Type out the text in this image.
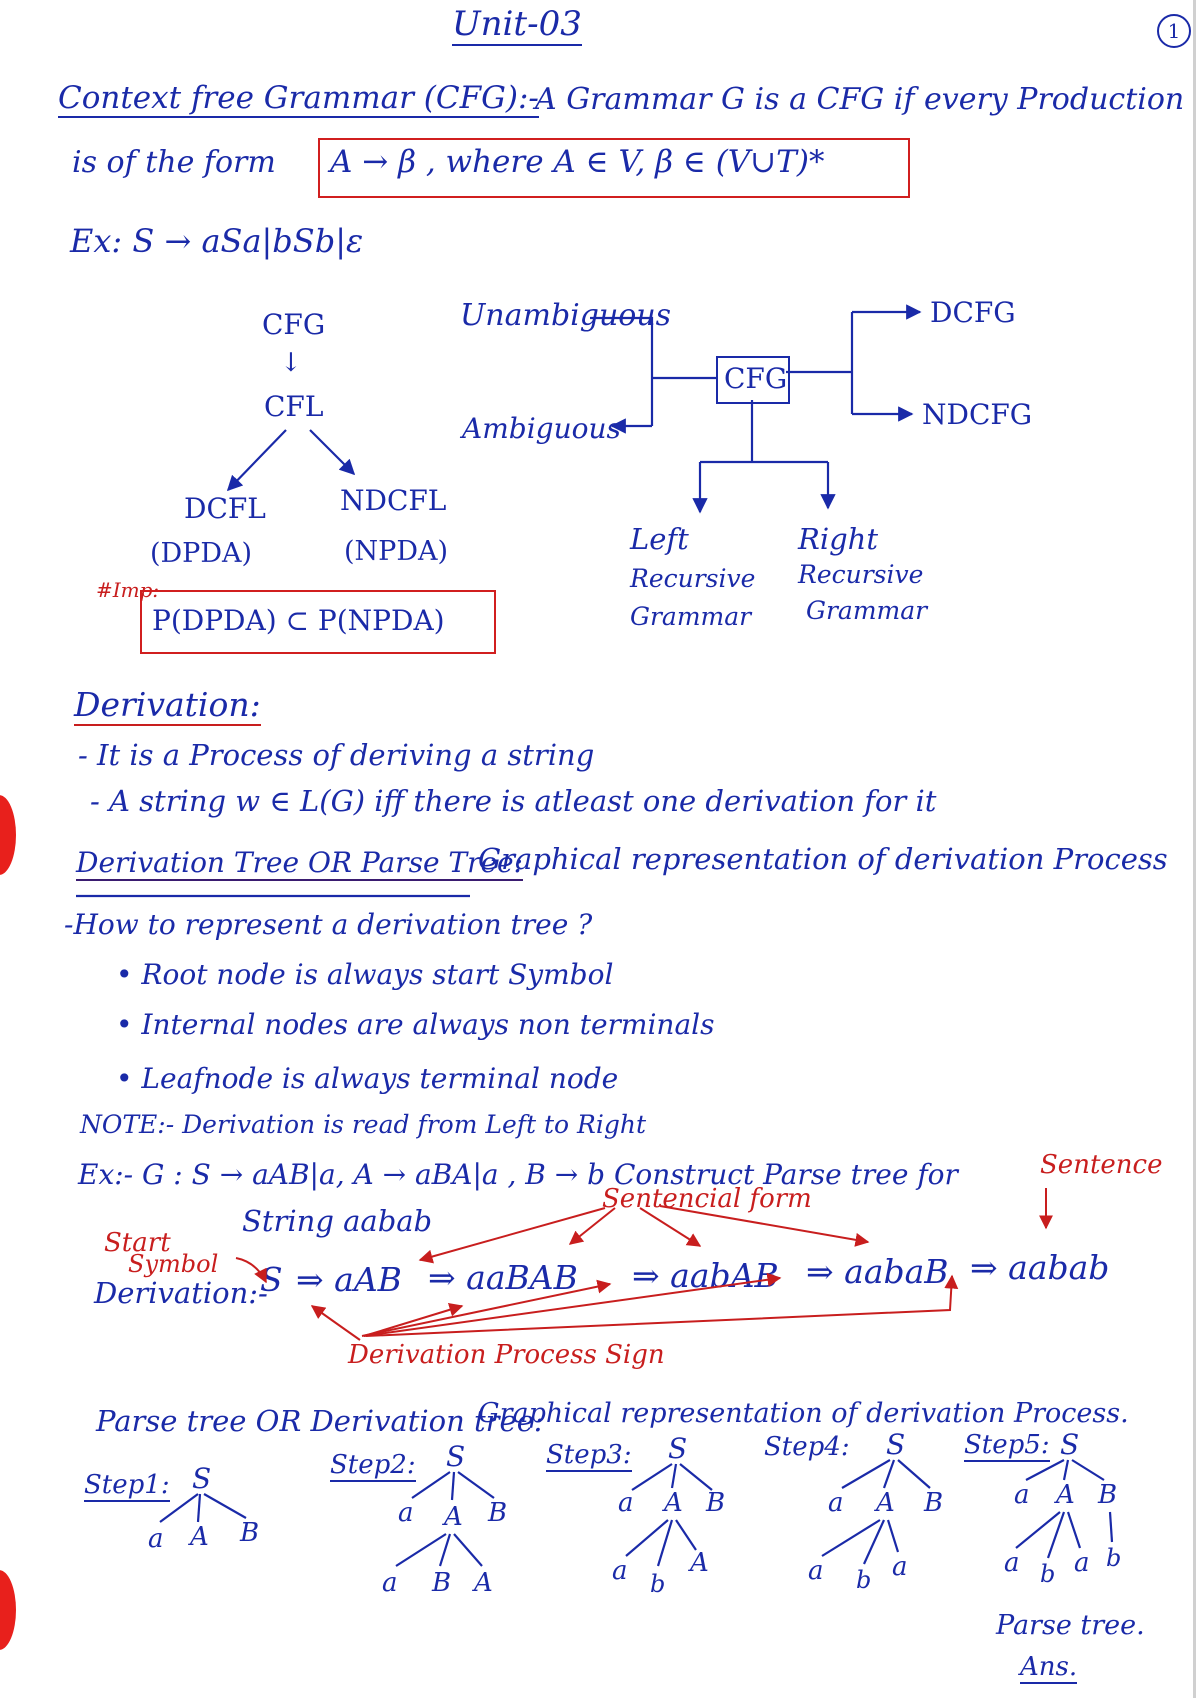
Unit-03	1
Context free Grammar (CFG):-
A Grammar G is a CFG if every Production
is of the form A → β , where A ∈ V, β ∈ (V∪T)*
Ex: S → aSa|bSb|ε
CFG
↓
CFL
DCFL
(DPDA)
NDCFL
(NPDA)
#Imp:
P(DPDA) ⊂ P(NPDA)
Unambiguous
Ambiguous
CFG
DCFG
NDCFG
Left
Recursive
Grammar
Right
Recursive
Grammar
Derivation:
- It is a Process of deriving a string
- A string w ∈ L(G) iff there is atleast one derivation for it
Derivation Tree OR Parse Tree:
Graphical representation of derivation Process
-How to represent a derivation tree ?
• Root node is always start Symbol
• Internal nodes are always non terminals
• Leafnode is always terminal node
NOTE:- Derivation is read from Left to Right
Ex:- G : S → aAB|a, A → aBA|a , B → b Construct Parse tree for	Sentence
Sentencial form
String aabab
Start
Symbol
Derivation:-
S ⇒ aAB ⇒ aaBAB ⇒ aabAB ⇒ aabaB ⇒ aabab
Derivation Process Sign
Parse tree OR Derivation tree:
Graphical representation of derivation Process.
Step1:
Step2:	Step3:	Step4:	Step5:
S
a A B
S
a A B
a B A
S
a A B
a b
A
S
a A B
a b a
S
a A B
a b a b
Parse tree.
Ans.
